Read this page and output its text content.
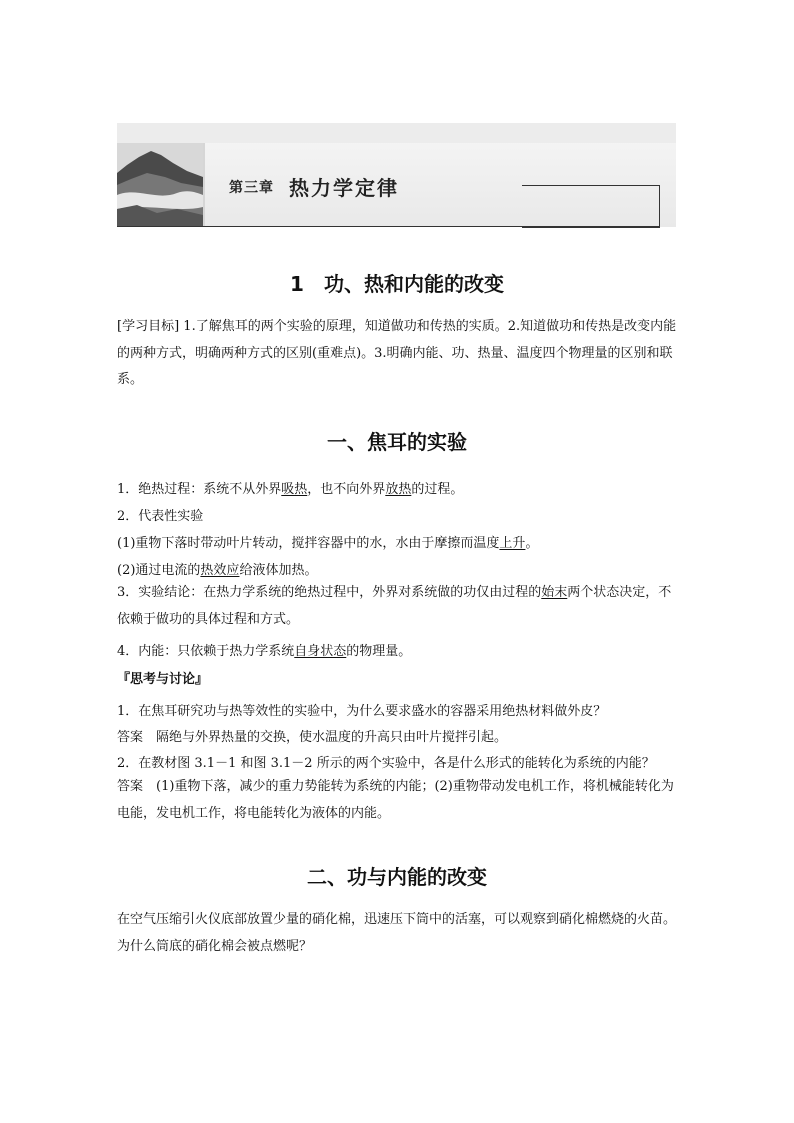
第三章 热力学定律
1　功、热和内能的改变
[学习目标] 1.了解焦耳的两个实验的原理，知道做功和传热的实质。2.知道做功和传热是改变内能的两种方式，明确两种方式的区别(重难点)。3.明确内能、功、热量、温度四个物理量的区别和联系。
一、焦耳的实验
1．绝热过程：系统不从外界吸热，也不向外界放热的过程。
2．代表性实验
(1)重物下落时带动叶片转动，搅拌容器中的水，水由于摩擦而温度上升。
(2)通过电流的热效应给液体加热。
3．实验结论：在热力学系统的绝热过程中，外界对系统做的功仅由过程的始末两个状态决定，不依赖于做功的具体过程和方式。
4．内能：只依赖于热力学系统自身状态的物理量。
『思考与讨论』
1．在焦耳研究功与热等效性的实验中，为什么要求盛水的容器采用绝热材料做外皮？
答案　 隔绝与外界热量的交换，使水温度的升高只由叶片搅拌引起。
2．在教材图 3.1－1 和图 3.1－2 所示的两个实验中，各是什么形式的能转化为系统的内能？
答案　 (1)重物下落，减少的重力势能转为系统的内能；(2)重物带动发电机工作，将机械能转化为电能，发电机工作，将电能转化为液体的内能。
二、功与内能的改变
在空气压缩引火仪底部放置少量的硝化棉，迅速压下筒中的活塞，可以观察到硝化棉燃烧的火苗。为什么筒底的硝化棉会被点燃呢？
